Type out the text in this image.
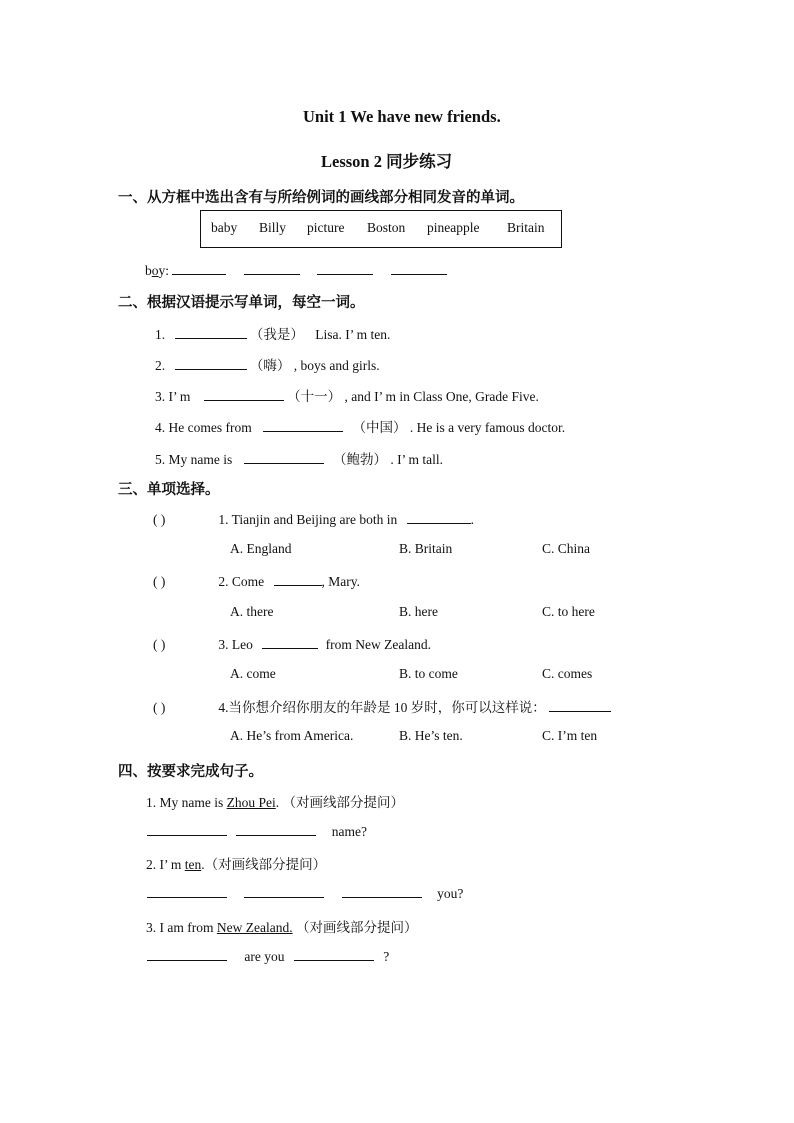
Unit 1 We have new friends.
Lesson 2 同步练习
一、从方框中选出含有与所给例词的画线部分相同发音的单词。
baby Billy picture Boston pineapple Britain
boy:
二、根据汉语提示写单词，每空一词。
1.	（我是） Lisa. I’ m ten.
2.	（嗨） , boys and girls.
3. I’ m	（十一） , and I’ m in Class One, Grade Five.
4. He comes from	（中国） . He is a very famous doctor.
5. My name is	（鲍勃） . I’ m tall.
三、单项选择。
( )	1. Tianjin and Beijing are both in	.
A. England	B. Britain	C. China
( )	2. Come	, Mary.
A. there	B. here	C. to here
( )	3. Leo	from New Zealand.
A. come	B. to come	C. comes
( )	4.当你想介绍你朋友的年龄是 10 岁时，你可以这样说：
A. He’s from America.	B. He’s ten.	C. I’m ten
四、按要求完成句子。
1. My name is Zhou Pei. （对画线部分提问）
name?
2. I’ m ten.（对画线部分提问）
you?
3. I am from New Zealand. （对画线部分提问）
are you	?
